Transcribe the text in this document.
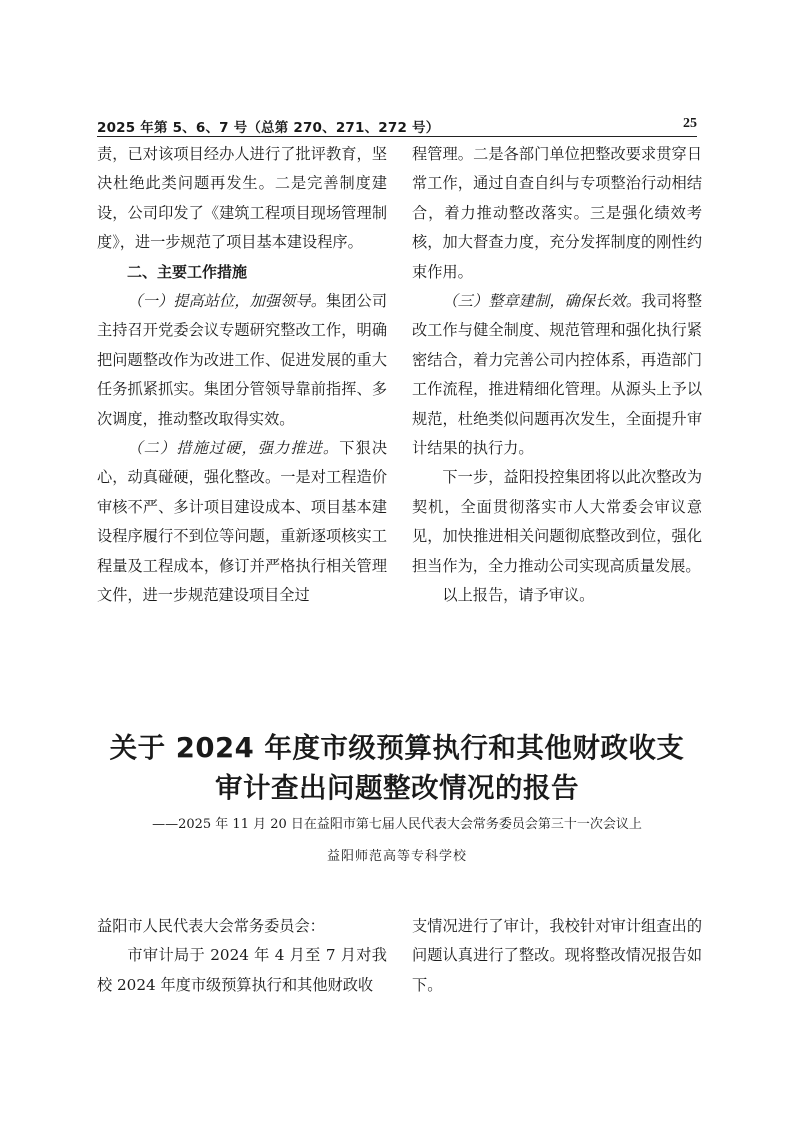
2025 年第 5、6、7 号（总第 270、271、272 号）	25

责，已对该项目经办人进行了批评教育，坚决杜绝此类问题再发生。二是完善制度建设，公司印发了《建筑工程项目现场管理制度》，进一步规范了项目基本建设程序。

二、主要工作措施

（一）提高站位，加强领导。集团公司主持召开党委会议专题研究整改工作，明确把问题整改作为改进工作、促进发展的重大任务抓紧抓实。集团分管领导靠前指挥、多次调度，推动整改取得实效。

（二）措施过硬，强力推进。下狠决心，动真碰硬，强化整改。一是对工程造价审核不严、多计项目建设成本、项目基本建设程序履行不到位等问题，重新逐项核实工程量及工程成本，修订并严格执行相关管理文件，进一步规范建设项目全过

程管理。二是各部门单位把整改要求贯穿日常工作，通过自查自纠与专项整治行动相结合，着力推动整改落实。三是强化绩效考核，加大督查力度，充分发挥制度的刚性约束作用。

（三）整章建制，确保长效。我司将整改工作与健全制度、规范管理和强化执行紧密结合，着力完善公司内控体系，再造部门工作流程，推进精细化管理。从源头上予以规范，杜绝类似问题再次发生，全面提升审计结果的执行力。

下一步，益阳投控集团将以此次整改为契机，全面贯彻落实市人大常委会审议意见，加快推进相关问题彻底整改到位，强化担当作为，全力推动公司实现高质量发展。

以上报告，请予审议。

关于 2024 年度市级预算执行和其他财政收支
审计查出问题整改情况的报告
——2025 年 11 月 20 日在益阳市第七届人民代表大会常务委员会第三十一次会议上
益阳师范高等专科学校

益阳市人民代表大会常务委员会：

市审计局于 2024 年 4 月至 7 月对我校 2024 年度市级预算执行和其他财政收

支情况进行了审计，我校针对审计组查出的问题认真进行了整改。现将整改情况报告如下。
